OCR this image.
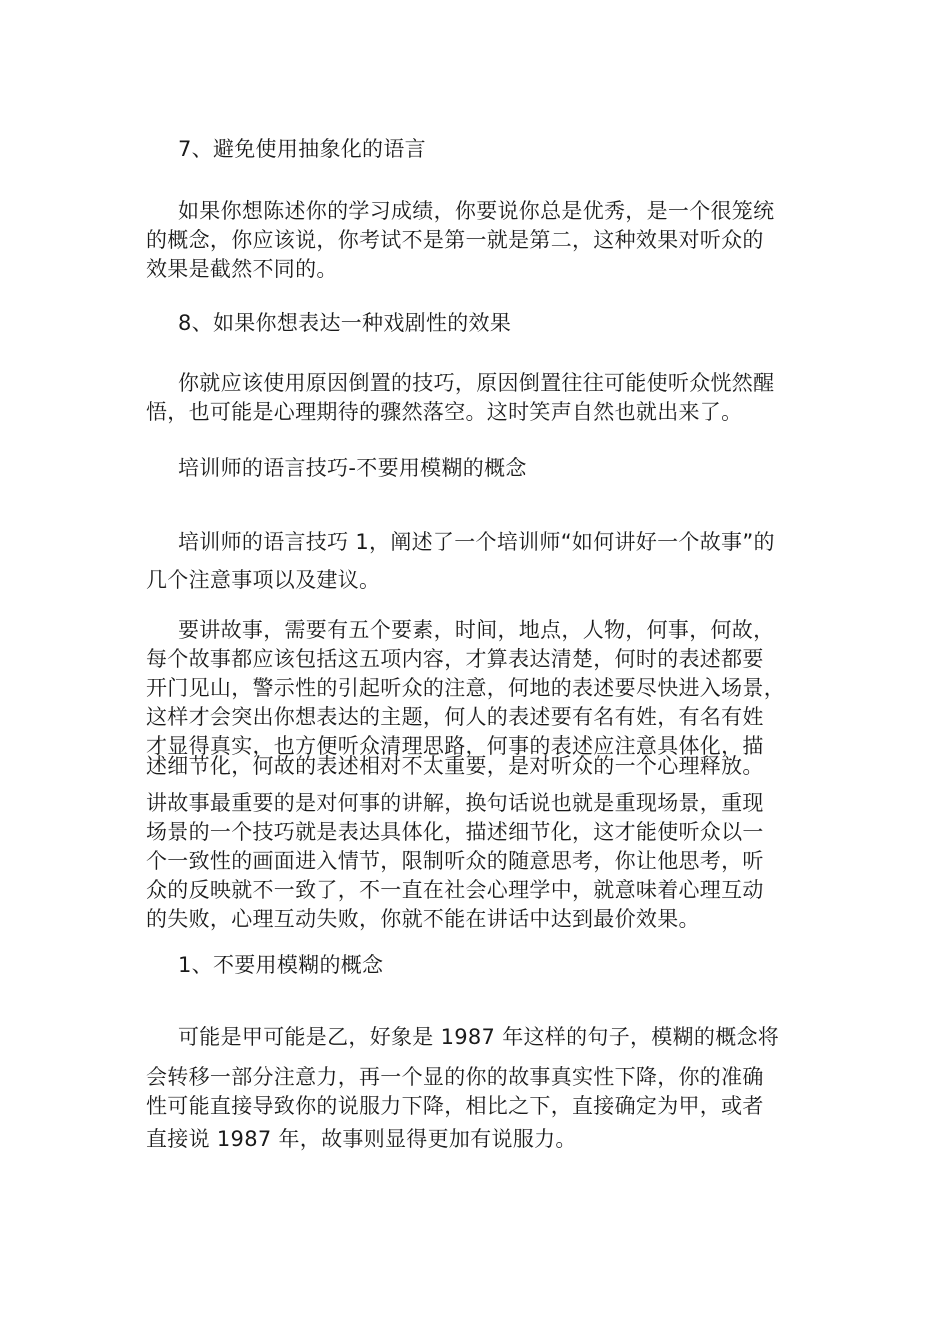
7、避免使用抽象化的语言
如果你想陈述你的学习成绩，你要说你总是优秀，是一个很笼统
的概念，你应该说，你考试不是第一就是第二，这种效果对听众的
效果是截然不同的。
8、如果你想表达一种戏剧性的效果
你就应该使用原因倒置的技巧，原因倒置往往可能使听众恍然醒
悟，也可能是心理期待的骤然落空。这时笑声自然也就出来了。
培训师的语言技巧-不要用模糊的概念
培训师的语言技巧 1，阐述了一个培训师“如何讲好一个故事”的
几个注意事项以及建议。
要讲故事，需要有五个要素，时间，地点，人物，何事，何故，
每个故事都应该包括这五项内容，才算表达清楚，何时的表述都要
开门见山，警示性的引起听众的注意，何地的表述要尽快进入场景，
这样才会突出你想表达的主题，何人的表述要有名有姓，有名有姓
才显得真实，也方便听众清理思路，何事的表述应注意具体化，描
述细节化，何故的表述相对不太重要，是对听众的一个心理释放。
讲故事最重要的是对何事的讲解，换句话说也就是重现场景，重现
场景的一个技巧就是表达具体化，描述细节化，这才能使听众以一
个一致性的画面进入情节，限制听众的随意思考，你让他思考，听
众的反映就不一致了，不一直在社会心理学中，就意味着心理互动
的失败，心理互动失败，你就不能在讲话中达到最价效果。
1、不要用模糊的概念
可能是甲可能是乙，好象是 1987 年这样的句子，模糊的概念将
会转移一部分注意力，再一个显的你的故事真实性下降，你的准确
性可能直接导致你的说服力下降，相比之下，直接确定为甲，或者
直接说 1987 年，故事则显得更加有说服力。
